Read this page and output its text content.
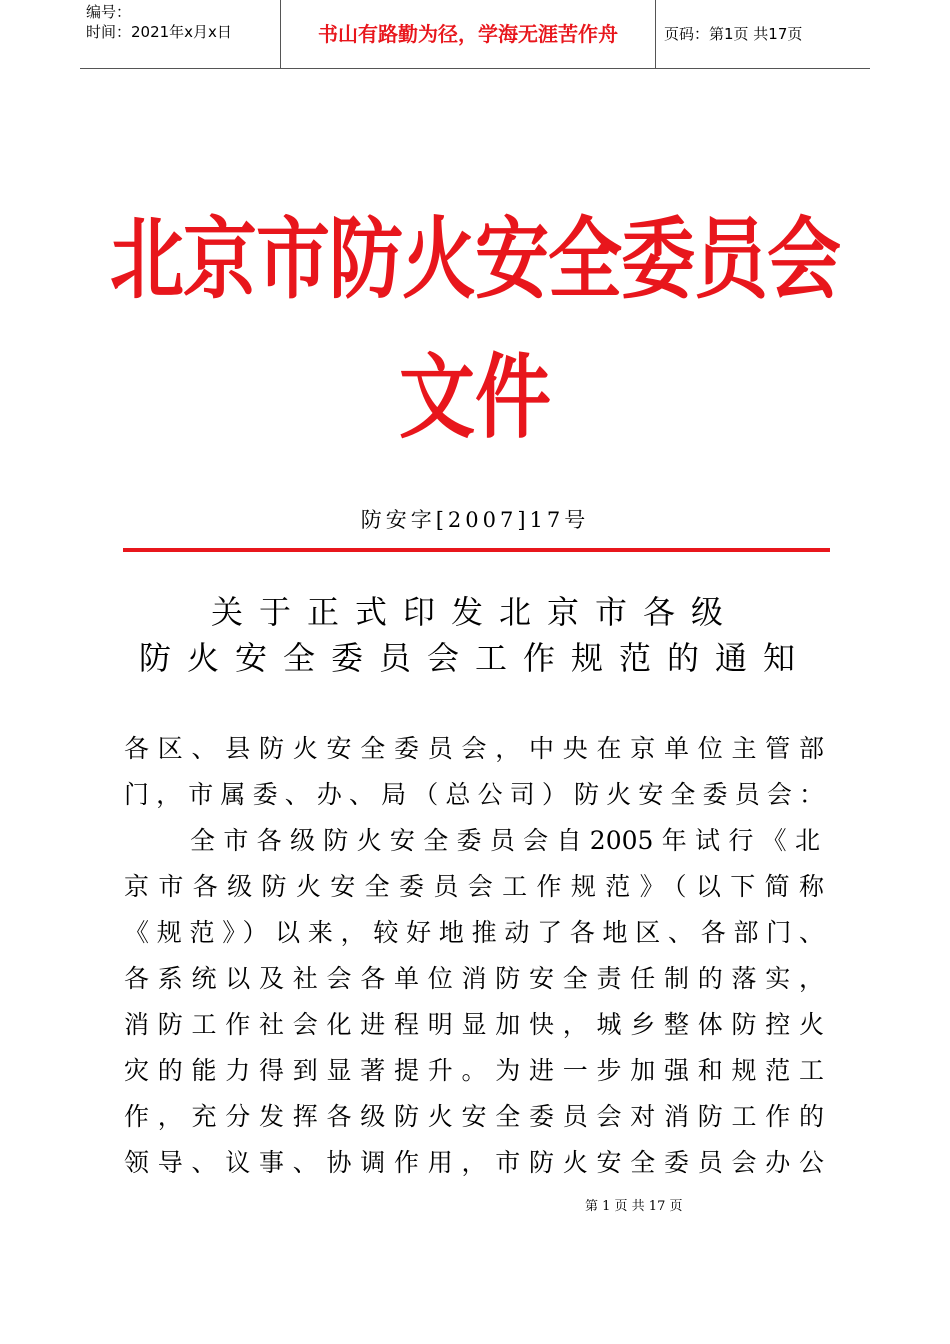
编号：
时间：2021年x月x日	书山有路勤为径，学海无涯苦作舟	页码：第1页 共17页
北京市防火安全委员会
文件
防安字[2007]17号
关于正式印发北京市各级
防火安全委员会工作规范的通知
各区、县防火安全委员会，中央在京单位主管部
门，市属委、办、局（总公司）防火安全委员会：
全市各级防火安全委员会自2005年试行《北
京市各级防火安全委员会工作规范》（以下简称
《规范》）以来，较好地推动了各地区、各部门、
各系统以及社会各单位消防安全责任制的落实，
消防工作社会化进程明显加快，城乡整体防控火
灾的能力得到显著提升。为进一步加强和规范工
作，充分发挥各级防火安全委员会对消防工作的
领导、议事、协调作用，市防火安全委员会办公
第 1 页 共 17 页
